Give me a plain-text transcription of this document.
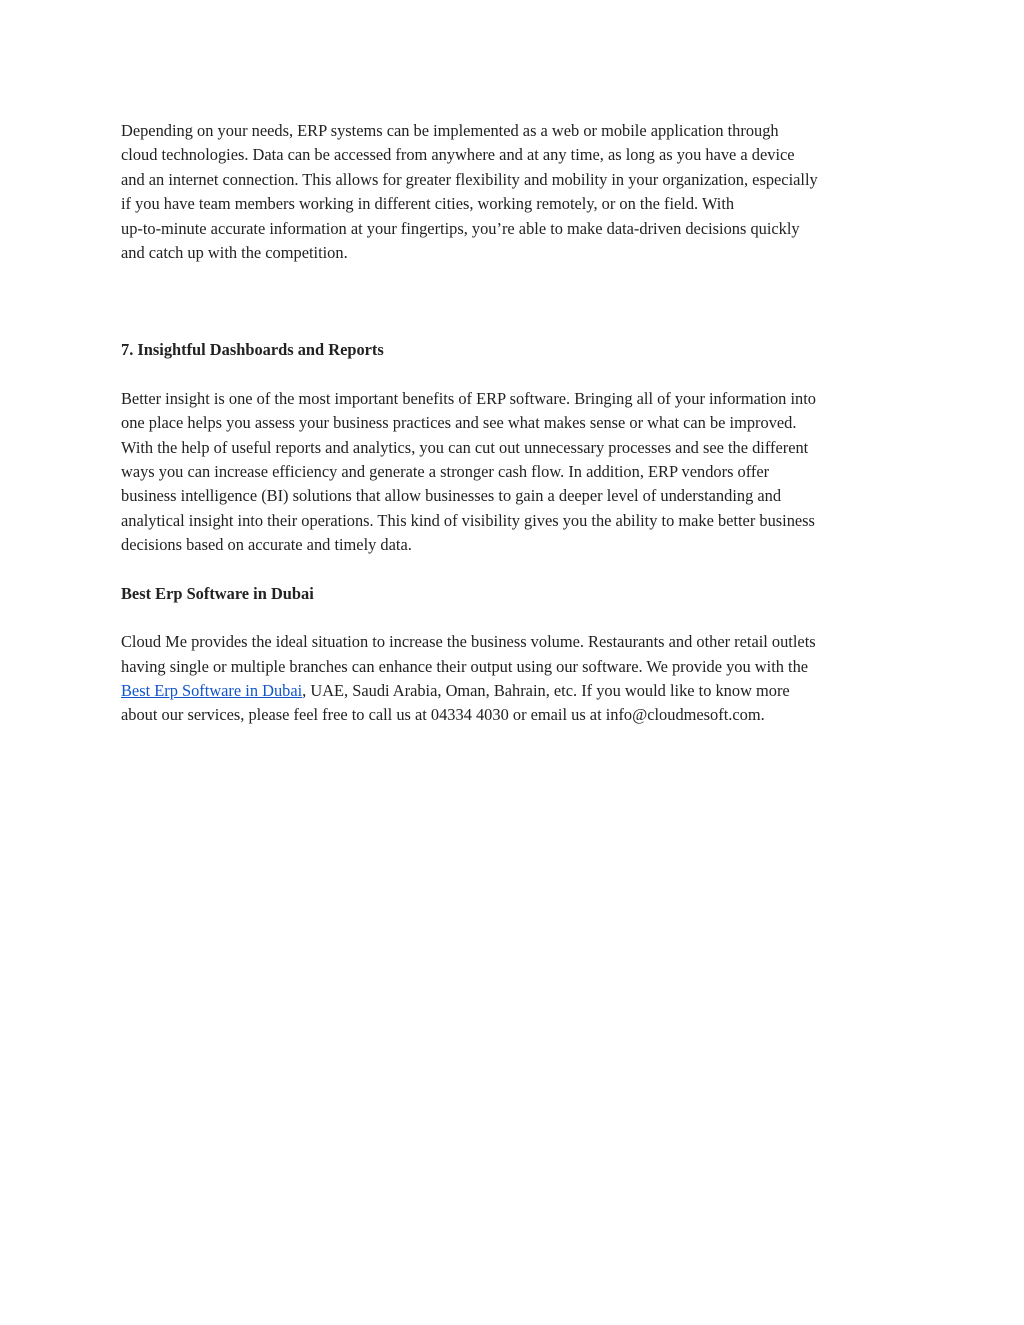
Depending on your needs, ERP systems can be implemented as a web or mobile application through
cloud technologies. Data can be accessed from anywhere and at any time, as long as you have a device
and an internet connection. This allows for greater flexibility and mobility in your organization, especially
if you have team members working in different cities, working remotely, or on the field. With
up-to-minute accurate information at your fingertips, you’re able to make data-driven decisions quickly
and catch up with the competition.

7. Insightful Dashboards and Reports

Better insight is one of the most important benefits of ERP software. Bringing all of your information into
one place helps you assess your business practices and see what makes sense or what can be improved.
With the help of useful reports and analytics, you can cut out unnecessary processes and see the different
ways you can increase efficiency and generate a stronger cash flow. In addition, ERP vendors offer
business intelligence (BI) solutions that allow businesses to gain a deeper level of understanding and
analytical insight into their operations. This kind of visibility gives you the ability to make better business
decisions based on accurate and timely data.

Best Erp Software in Dubai

Cloud Me provides the ideal situation to increase the business volume. Restaurants and other retail outlets
having single or multiple branches can enhance their output using our software. We provide you with the
Best Erp Software in Dubai, UAE, Saudi Arabia, Oman, Bahrain, etc. If you would like to know more
about our services, please feel free to call us at 04334 4030 or email us at info@cloudmesoft.com.
